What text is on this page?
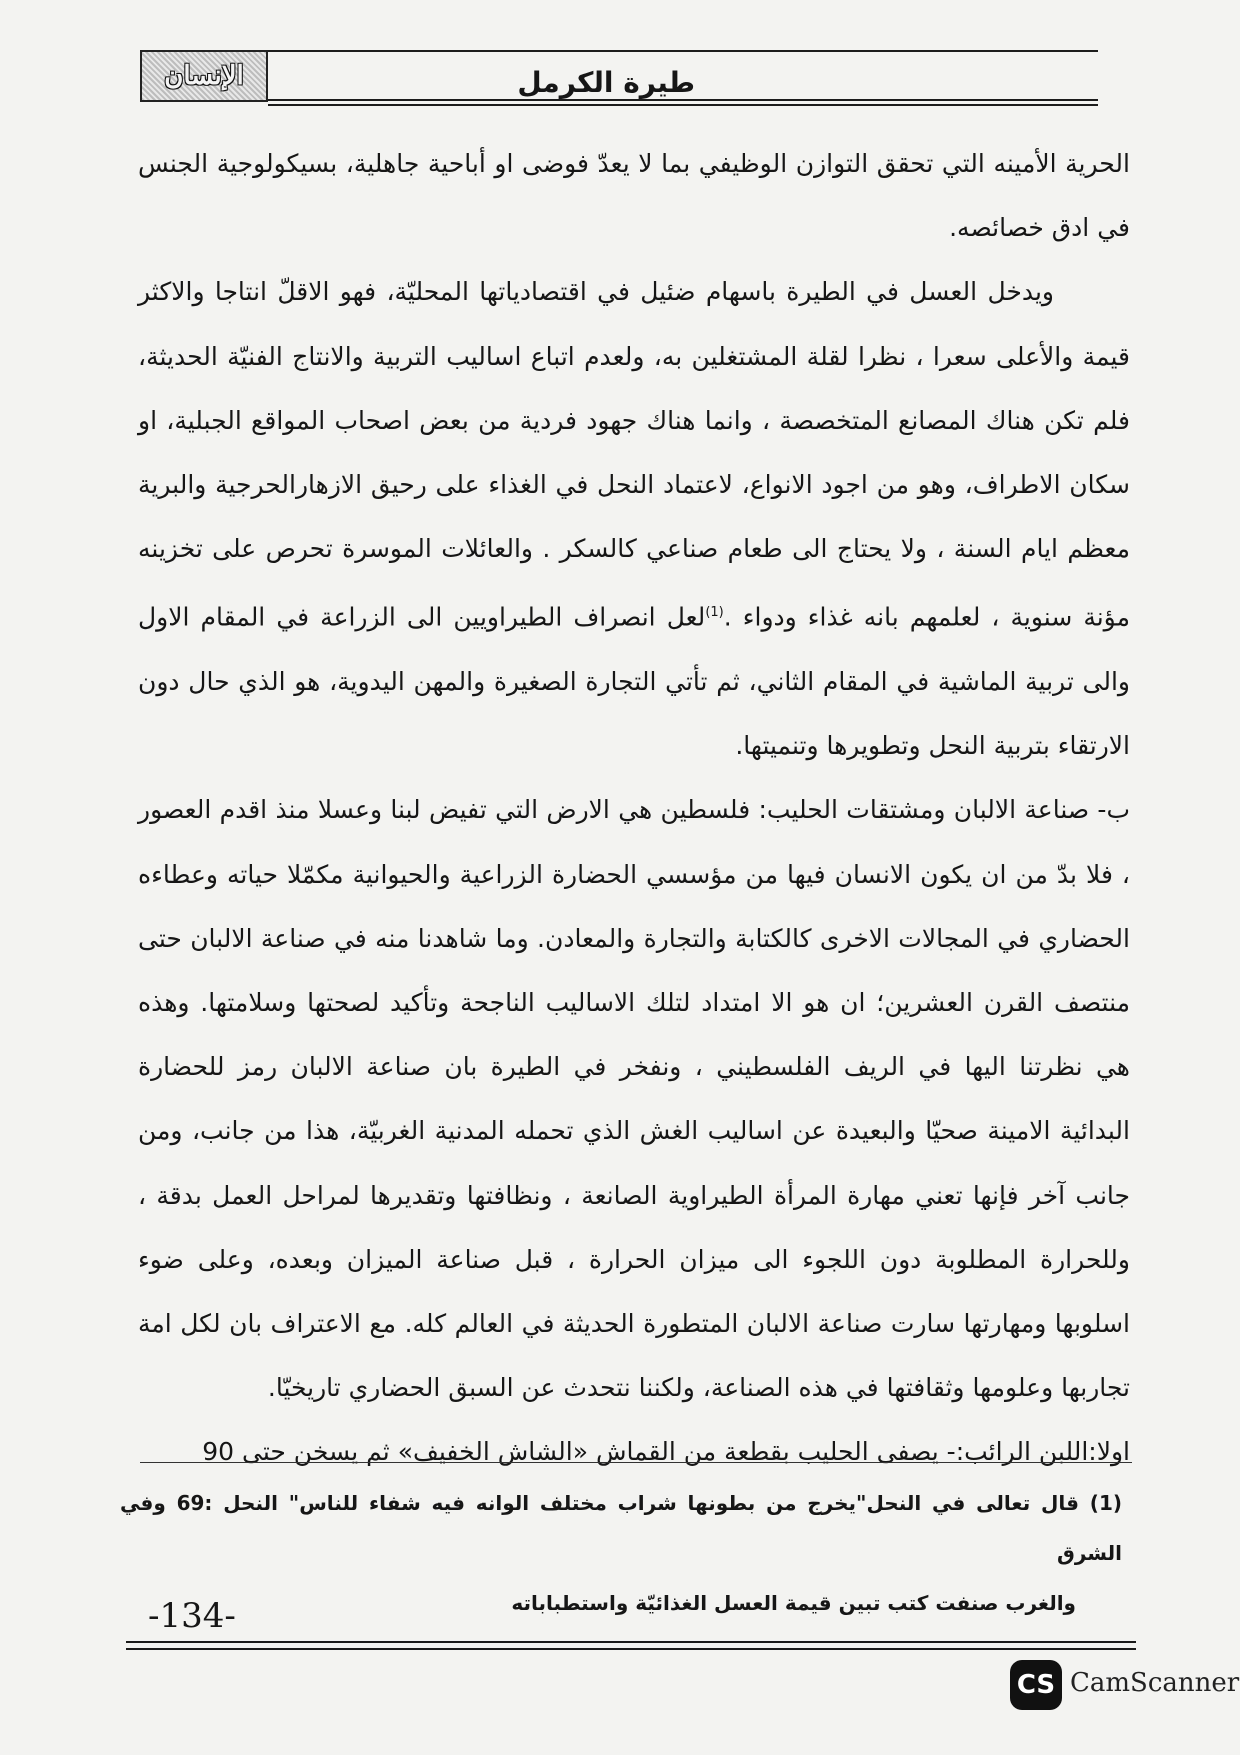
الإنسان	طيرة الكرمل

الحرية الأمينه التي تحقق التوازن الوظيفي بما لا يعدّ فوضى او أباحية جاهلية، بسيكولوجية الجنس في ادق خصائصه.

ويدخل العسل في الطيرة باسهام ضئيل في اقتصادياتها المحليّة، فهو الاقلّ انتاجا والاكثر قيمة والأعلى سعرا ، نظرا لقلة المشتغلين به، ولعدم اتباع اساليب التربية والانتاج الفنيّة الحديثة، فلم تكن هناك المصانع المتخصصة ، وانما هناك جهود فردية من بعض اصحاب المواقع الجبلية، او سكان الاطراف، وهو من اجود الانواع، لاعتماد النحل في الغذاء على رحيق الازهارالحرجية والبرية معظم ايام السنة ، ولا يحتاج الى طعام صناعي كالسكر . والعائلات الموسرة تحرص على تخزينه مؤنة سنوية ، لعلمهم بانه غذاء ودواء .$^{(1)}$لعل انصراف الطيراويين الى الزراعة في المقام الاول والى تربية الماشية في المقام الثاني، ثم تأتي التجارة الصغيرة والمهن اليدوية، هو الذي حال دون الارتقاء بتربية النحل وتطويرها وتنميتها.

ب- صناعة الالبان ومشتقات الحليب: فلسطين هي الارض التي تفيض لبنا وعسلا منذ اقدم العصور ، فلا بدّ من ان يكون الانسان فيها من مؤسسي الحضارة الزراعية والحيوانية مكمّلا حياته وعطاءه الحضاري في المجالات الاخرى كالكتابة والتجارة والمعادن. وما شاهدنا منه في صناعة الالبان حتى منتصف القرن العشرين؛ ان هو الا امتداد لتلك الاساليب الناجحة وتأكيد لصحتها وسلامتها. وهذه هي نظرتنا اليها في الريف الفلسطيني ، ونفخر في الطيرة بان صناعة الالبان رمز للحضارة البدائية الامينة صحيّا والبعيدة عن اساليب الغش الذي تحمله المدنية الغربيّة، هذا من جانب، ومن جانب آخر فإنها تعني مهارة المرأة الطيراوية الصانعة ، ونظافتها وتقديرها لمراحل العمل بدقة ، وللحرارة المطلوبة دون اللجوء الى ميزان الحرارة ، قبل صناعة الميزان وبعده، وعلى ضوء اسلوبها ومهارتها سارت صناعة الالبان المتطورة الحديثة في العالم كله. مع الاعتراف بان لكل امة تجاربها وعلومها وثقافتها في هذه الصناعة، ولكننا نتحدث عن السبق الحضاري تاريخيّا.

اولا:اللبن الرائب:- يصفى الحليب بقطعة من القماش «الشاش الخفيف» ثم يسخن حتى 90

(1) قال تعالى في النحل"يخرج من بطونها شراب مختلف الوانه فيه شفاء للناس" النحل :69 وفي الشرق

والغرب صنفت كتب تبين قيمة العسل الغذائيّة واستطباباته

-134-
CS CamScanner
